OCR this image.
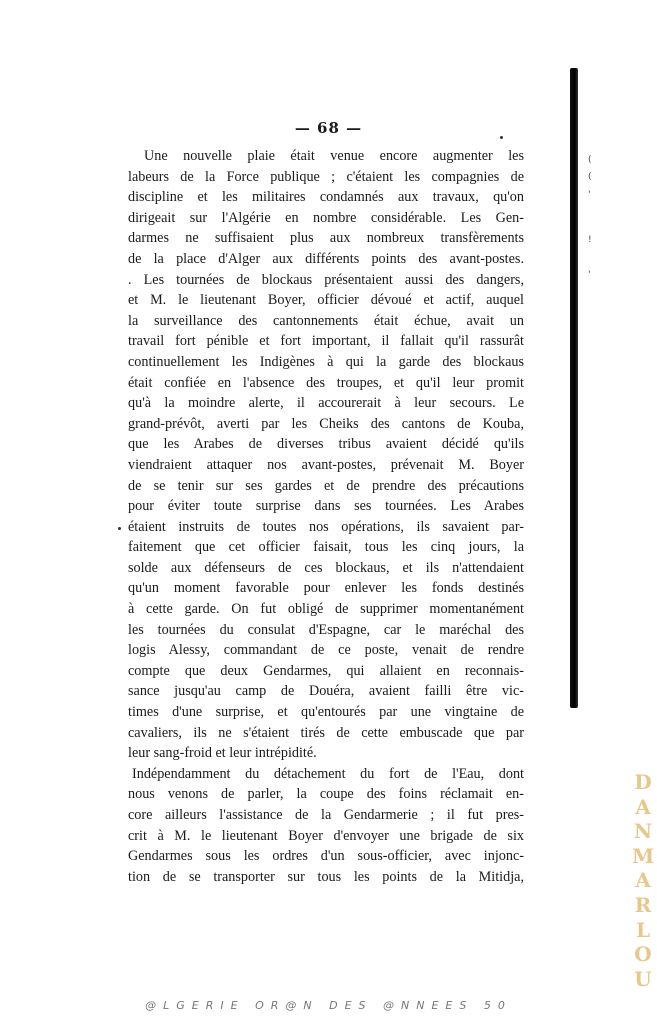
— 68 —
Une nouvelle plaie était venue encore augmenter les
labeurs de la Force publique ; c'étaient les compagnies de
discipline et les militaires condamnés aux travaux, qu'on
dirigeait sur l'Algérie en nombre considérable. Les Gen-
darmes ne suffisaient plus aux nombreux transfèrements
de la place d'Alger aux différents points des avant-postes.
. Les tournées de blockaus présentaient aussi des dangers,
et M. le lieutenant Boyer, officier dévoué et actif, auquel
la surveillance des cantonnements était échue, avait un
travail fort pénible et fort important, il fallait qu'il rassurât
continuellement les Indigènes à qui la garde des blockaus
était confiée en l'absence des troupes, et qu'il leur promit
qu'à la moindre alerte, il accourerait à leur secours. Le
grand-prévôt, averti par les Cheiks des cantons de Kouba,
que les Arabes de diverses tribus avaient décidé qu'ils
viendraient attaquer nos avant-postes, prévenait M. Boyer
de se tenir sur ses gardes et de prendre des précautions
pour éviter toute surprise dans ses tournées. Les Arabes
étaient instruits de toutes nos opérations, ils savaient par-
faitement que cet officier faisait, tous les cinq jours, la
solde aux défenseurs de ces blockaus, et ils n'attendaient
qu'un moment favorable pour enlever les fonds destinés
à cette garde. On fut obligé de supprimer momentanément
les tournées du consulat d'Espagne, car le maréchal des
logis Alessy, commandant de ce poste, venait de rendre
compte que deux Gendarmes, qui allaient en reconnais-
sance jusqu'au camp de Douéra, avaient failli être vic-
times d'une surprise, et qu'entourés par une vingtaine de
cavaliers, ils ne s'étaient tirés de cette embuscade que par
leur sang-froid et leur intrépidité.
Indépendamment du détachement du fort de l'Eau, dont
nous venons de parler, la coupe des foins réclamait en-
core ailleurs l'assistance de la Gendarmerie ; il fut pres-
crit à M. le lieutenant Boyer d'envoyer une brigade de six
Gendarmes sous les ordres d'un sous-officier, avec injonc-
tion de se transporter sur tous les points de la Mitidja,
(
(
'
!
'
DANMARLOU
@LGERIE OR@N DES @NNEES 50
